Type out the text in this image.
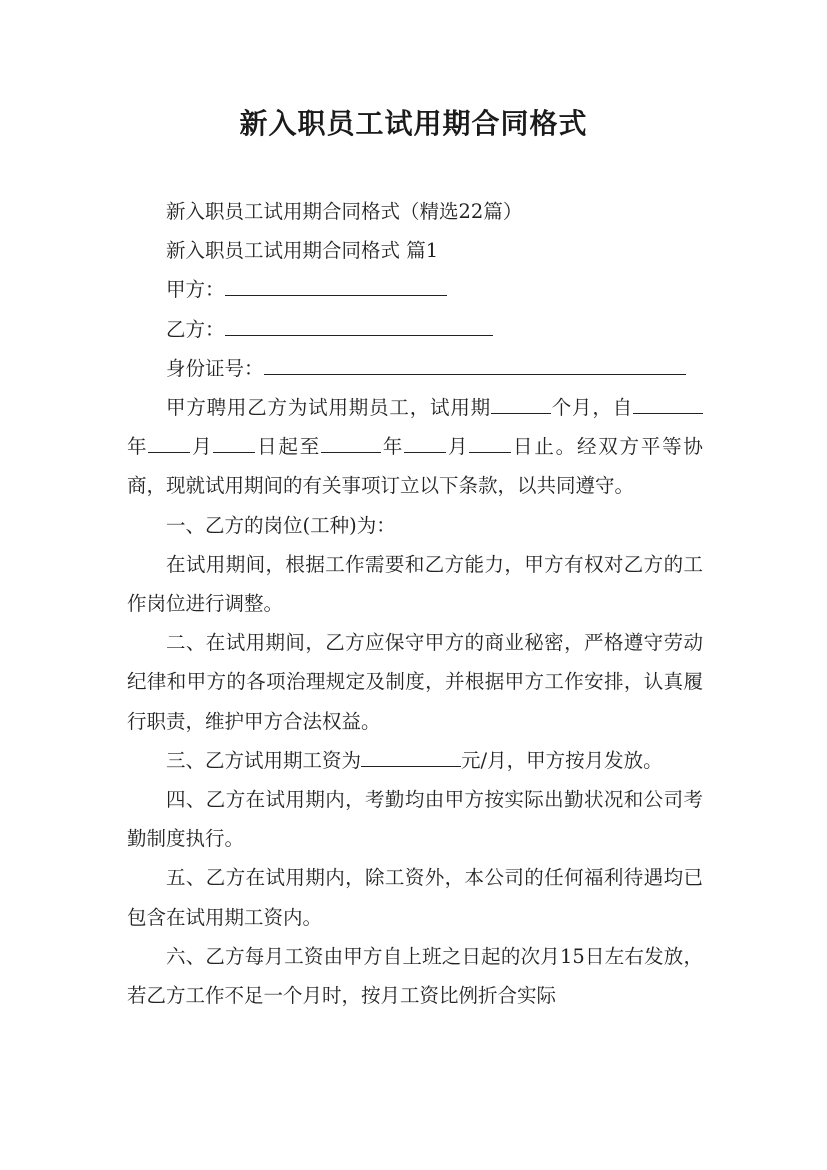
新入职员工试用期合同格式

新入职员工试用期合同格式（精选22篇）

新入职员工试用期合同格式 篇1

甲方：

乙方：

身份证号：

甲方聘用乙方为试用期员工，试用期	个月，自年 月 日起至	年 月 日止。经双方平等协商，现就试用期间的有关事项订立以下条款，以共同遵守。

一、乙方的岗位(工种)为：

在试用期间，根据工作需要和乙方能力，甲方有权对乙方的工作岗位进行调整。

二、在试用期间，乙方应保守甲方的商业秘密，严格遵守劳动纪律和甲方的各项治理规定及制度，并根据甲方工作安排，认真履行职责，维护甲方合法权益。

三、乙方试用期工资为	元/月，甲方按月发放。

四、乙方在试用期内，考勤均由甲方按实际出勤状况和公司考勤制度执行。

五、乙方在试用期内，除工资外，本公司的任何福利待遇均已包含在试用期工资内。

六、乙方每月工资由甲方自上班之日起的次月15日左右发放，若乙方工作不足一个月时，按月工资比例折合实际
